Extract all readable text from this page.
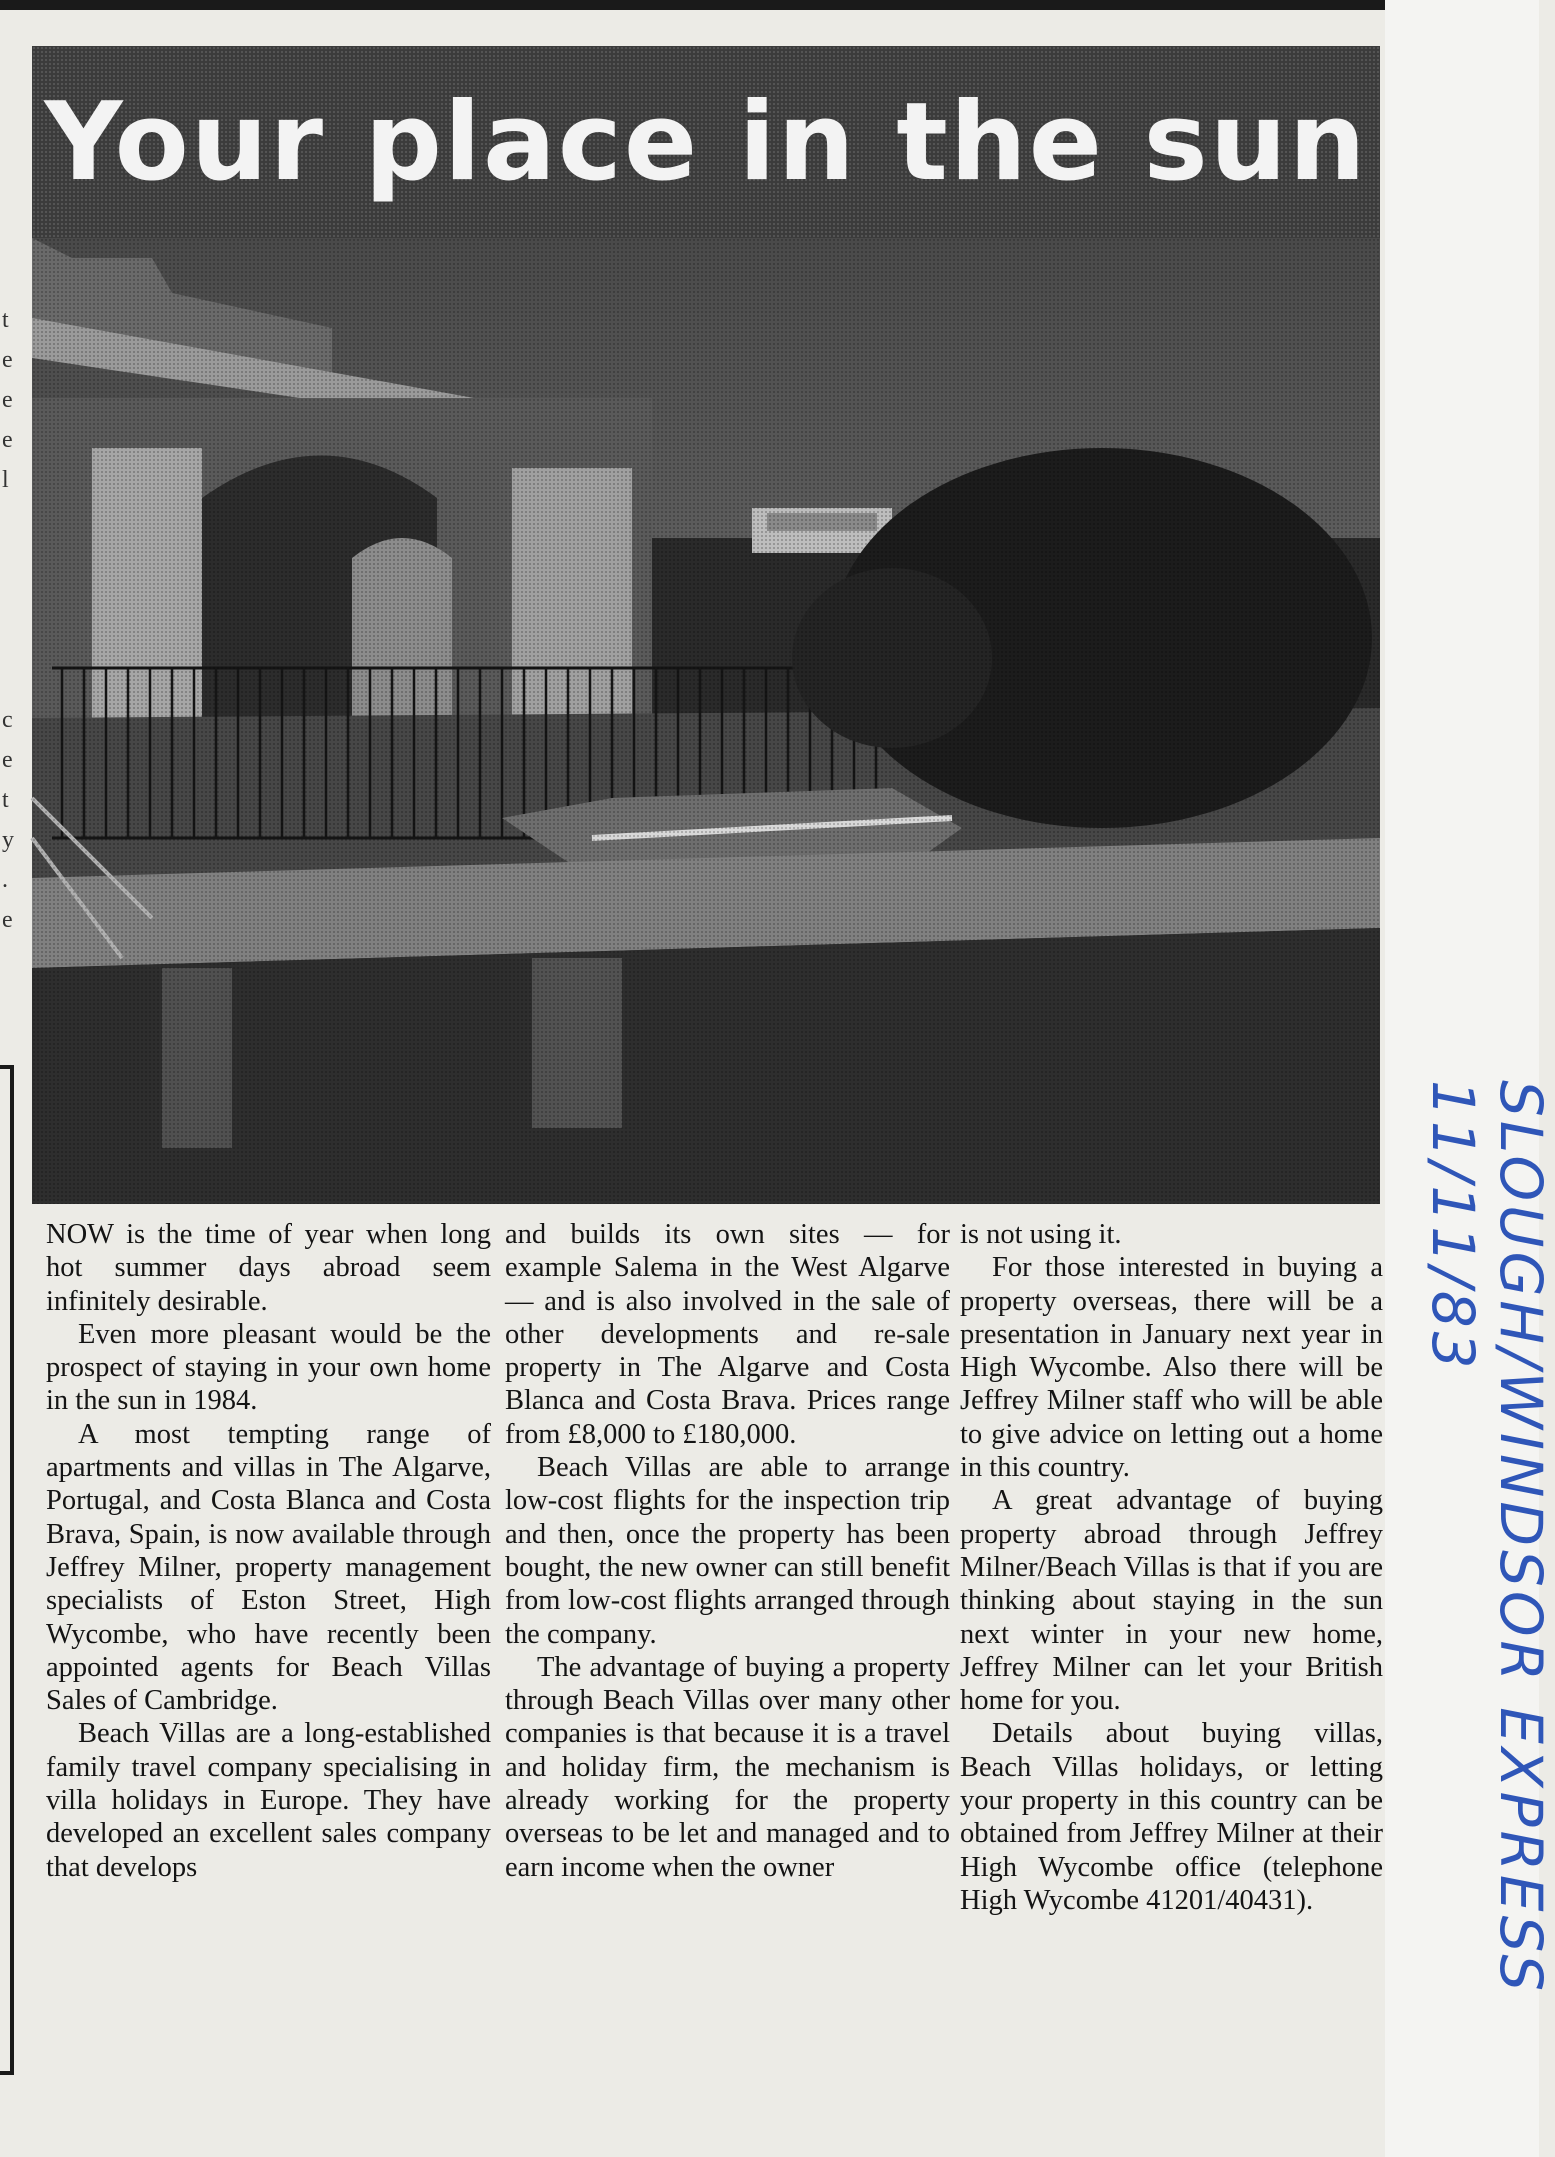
t
e
e
e
l
c
e
t
y
.
e
Your place in the sun

NOW is the time of year when long hot summer days abroad seem infinitely desirable.

Even more pleasant would be the prospect of staying in your own home in the sun in 1984.

A most tempting range of apartments and villas in The Algarve, Portugal, and Costa Blanca and Costa Brava, Spain, is now available through Jeffrey Milner, property management specialists of Eston Street, High Wycombe, who have recently been appointed agents for Beach Villas Sales of Cambridge.

Beach Villas are a long-established family travel company specialising in villa holidays in Europe. They have developed an excellent sales company that develops

and builds its own sites — for example Salema in the West Algarve — and is also involved in the sale of other developments and re-sale property in The Algarve and Costa Blanca and Costa Brava. Prices range from £8,000 to £180,000.

Beach Villas are able to arrange low-cost flights for the inspection trip and then, once the property has been bought, the new owner can still benefit from low-cost flights arranged through the company.

The advantage of buying a property through Beach Villas over many other companies is that because it is a travel and holiday firm, the mechanism is already working for the property overseas to be let and managed and to earn income when the owner

is not using it.

For those interested in buying a property overseas, there will be a presentation in January next year in High Wycombe. Also there will be Jeffrey Milner staff who will be able to give advice on letting out a home in this country.

A great advantage of buying property abroad through Jeffrey Milner/Beach Villas is that if you are thinking about staying in the sun next winter in your new home, Jeffrey Milner can let your British home for you.

Details about buying villas, Beach Villas holidays, or letting your property in this country can be obtained from Jeffrey Milner at their High Wycombe office (telephone High Wycombe 41201/40431).	SLOUGH/WINDSOR EXPRESS 11/11/83
